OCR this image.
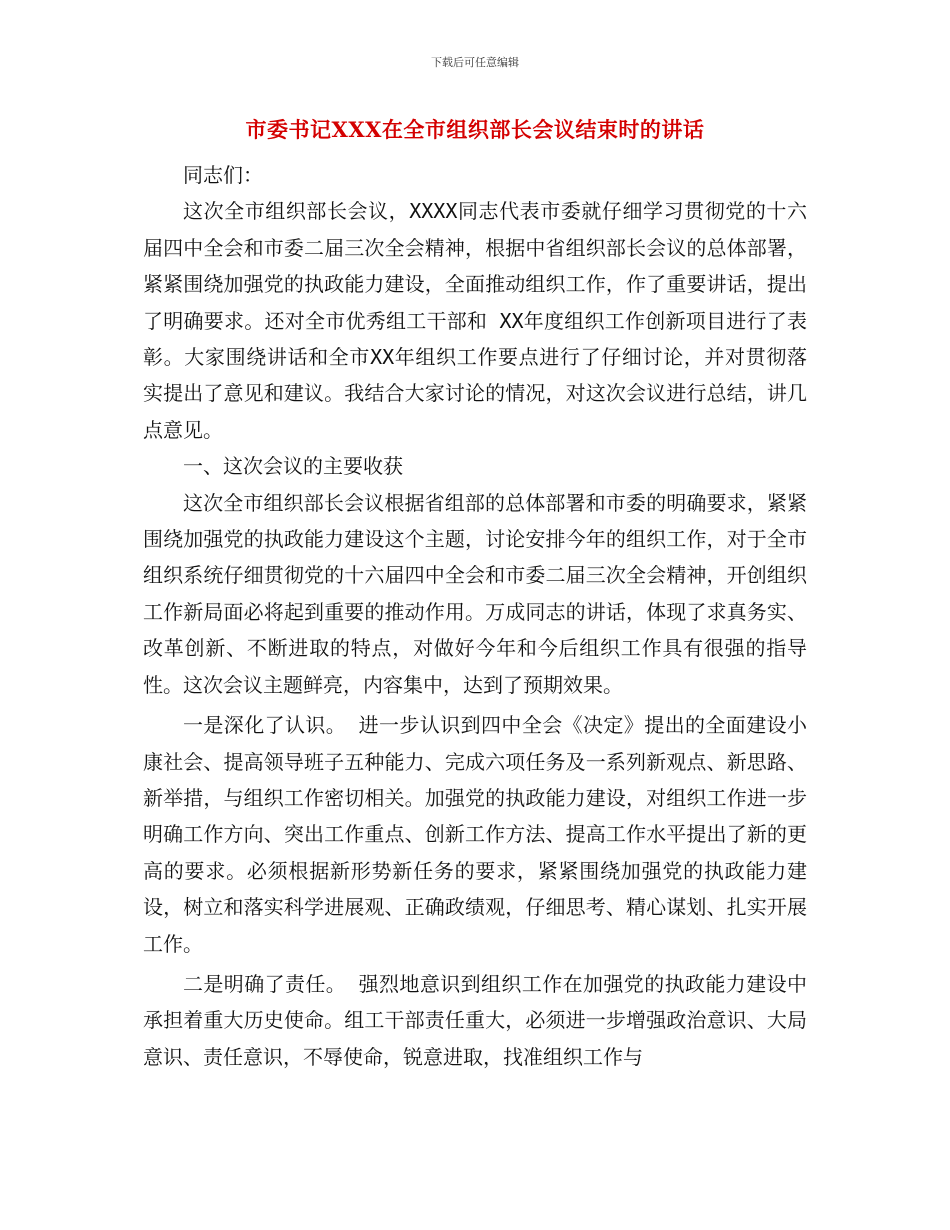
下载后可任意编辑
市委书记XXX在全市组织部长会议结束时的讲话

同志们：

这次全市组织部长会议，XXXX同志代表市委就仔细学习贯彻党的十六届四中全会和市委二届三次全会精神，根据中省组织部长会议的总体部署，紧紧围绕加强党的执政能力建设，全面推动组织工作，作了重要讲话，提出了明确要求。还对全市优秀组工干部和 XX年度组织工作创新项目进行了表彰。大家围绕讲话和全市XX年组织工作要点进行了仔细讨论，并对贯彻落实提出了意见和建议。我结合大家讨论的情况，对这次会议进行总结，讲几点意见。

一、这次会议的主要收获

这次全市组织部长会议根据省组部的总体部署和市委的明确要求，紧紧围绕加强党的执政能力建设这个主题，讨论安排今年的组织工作，对于全市组织系统仔细贯彻党的十六届四中全会和市委二届三次全会精神，开创组织工作新局面必将起到重要的推动作用。万成同志的讲话，体现了求真务实、改革创新、不断进取的特点，对做好今年和今后组织工作具有很强的指导性。这次会议主题鲜亮，内容集中，达到了预期效果。

一是深化了认识。 进一步认识到四中全会《决定》提出的全面建设小康社会、提高领导班子五种能力、完成六项任务及一系列新观点、新思路、新举措，与组织工作密切相关。加强党的执政能力建设，对组织工作进一步明确工作方向、突出工作重点、创新工作方法、提高工作水平提出了新的更高的要求。必须根据新形势新任务的要求，紧紧围绕加强党的执政能力建设，树立和落实科学进展观、正确政绩观，仔细思考、精心谋划、扎实开展工作。

二是明确了责任。 强烈地意识到组织工作在加强党的执政能力建设中承担着重大历史使命。组工干部责任重大，必须进一步增强政治意识、大局意识、责任意识，不辱使命，锐意进取，找准组织工作与
